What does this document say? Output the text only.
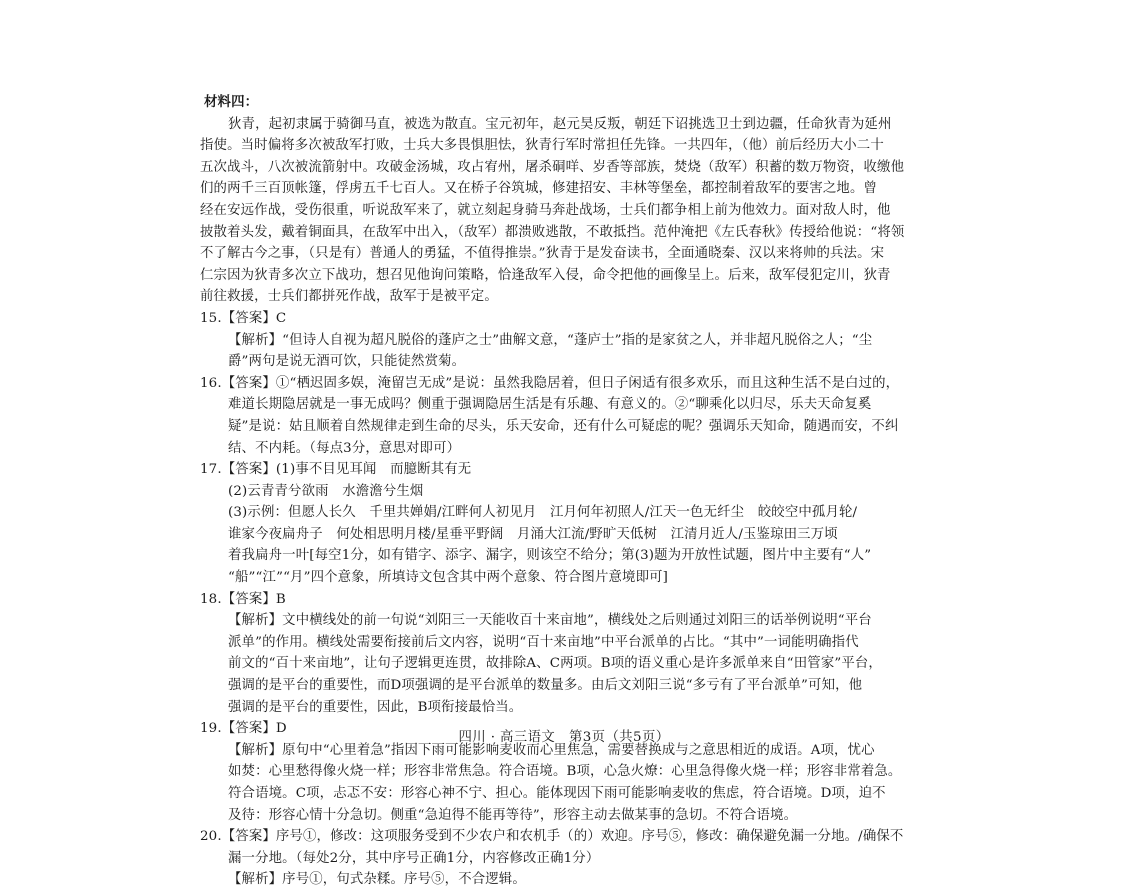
材料四：
狄青，起初隶属于骑御马直，被选为散直。宝元初年，赵元昊反叛，朝廷下诏挑选卫士到边疆，任命狄青为延州
指使。当时偏将多次被敌军打败，士兵大多畏惧胆怯，狄青行军时常担任先锋。一共四年，（他）前后经历大小二十
五次战斗，八次被流箭射中。攻破金汤城，攻占宥州，屠杀硐咩、岁香等部族，焚烧（敌军）积蓄的数万物资，收缴他
们的两千三百顶帐篷，俘虏五千七百人。又在桥子谷筑城，修建招安、丰林等堡垒，都控制着敌军的要害之地。曾
经在安远作战，受伤很重，听说敌军来了，就立刻起身骑马奔赴战场，士兵们都争相上前为他效力。面对敌人时，他
披散着头发，戴着铜面具，在敌军中出入，（敌军）都溃败逃散，不敢抵挡。范仲淹把《左氏春秋》传授给他说：“将领
不了解古今之事，（只是有）普通人的勇猛，不值得推崇。”狄青于是发奋读书，全面通晓秦、汉以来将帅的兵法。宋
仁宗因为狄青多次立下战功，想召见他询问策略，恰逢敌军入侵，命令把他的画像呈上。后来，敌军侵犯定川，狄青
前往救援，士兵们都拼死作战，敌军于是被平定。
15.【答案】C
【解析】“但诗人自视为超凡脱俗的蓬庐之士”曲解文意，“蓬庐士”指的是家贫之人，并非超凡脱俗之人；“尘
爵”两句是说无酒可饮，只能徒然赏菊。
16.【答案】①“栖迟固多娱，淹留岂无成”是说：虽然我隐居着，但日子闲适有很多欢乐，而且这种生活不是白过的，
难道长期隐居就是一事无成吗？侧重于强调隐居生活是有乐趣、有意义的。②“聊乘化以归尽，乐夫天命复奚
疑”是说：姑且顺着自然规律走到生命的尽头，乐天安命，还有什么可疑虑的呢？强调乐天知命，随遇而安，不纠
结、不内耗。（每点3分，意思对即可）
17.【答案】(1)事不目见耳闻　而臆断其有无
(2)云青青兮欲雨　水澹澹兮生烟
(3)示例：但愿人长久　千里共婵娟/江畔何人初见月　江月何年初照人/江天一色无纤尘　皎皎空中孤月轮/
谁家今夜扁舟子　何处相思明月楼/星垂平野阔　月涌大江流/野旷天低树　江清月近人/玉鉴琼田三万顷
着我扁舟一叶[每空1分，如有错字、添字、漏字，则该空不给分；第(3)题为开放性试题，图片中主要有“人”
“船”“江”“月”四个意象，所填诗文包含其中两个意象、符合图片意境即可]
18.【答案】B
【解析】文中横线处的前一句说“刘阳三一天能收百十来亩地”，横线处之后则通过刘阳三的话举例说明“平台
派单”的作用。横线处需要衔接前后文内容，说明“百十来亩地”中平台派单的占比。“其中”一词能明确指代
前文的“百十来亩地”，让句子逻辑更连贯，故排除A、C两项。B项的语义重心是许多派单来自“田管家”平台，
强调的是平台的重要性，而D项强调的是平台派单的数量多。由后文刘阳三说“多亏有了平台派单”可知，他
强调的是平台的重要性，因此，B项衔接最恰当。
19.【答案】D
【解析】原句中“心里着急”指因下雨可能影响麦收而心里焦急，需要替换成与之意思相近的成语。A项，忧心
如焚：心里愁得像火烧一样；形容非常焦急。符合语境。B项，心急火燎：心里急得像火烧一样；形容非常着急。
符合语境。C项，忐忑不安：形容心神不宁、担心。能体现因下雨可能影响麦收的焦虑，符合语境。D项，迫不
及待：形容心情十分急切。侧重“急迫得不能再等待”，形容主动去做某事的急切。不符合语境。
20.【答案】序号①，修改：这项服务受到不少农户和农机手（的）欢迎。序号⑤，修改：确保避免漏一分地。/确保不
漏一分地。（每处2分，其中序号正确1分，内容修改正确1分）
【解析】序号①，句式杂糅。序号⑤，不合逻辑。
四川 · 高三语文　第3页（共5页）
